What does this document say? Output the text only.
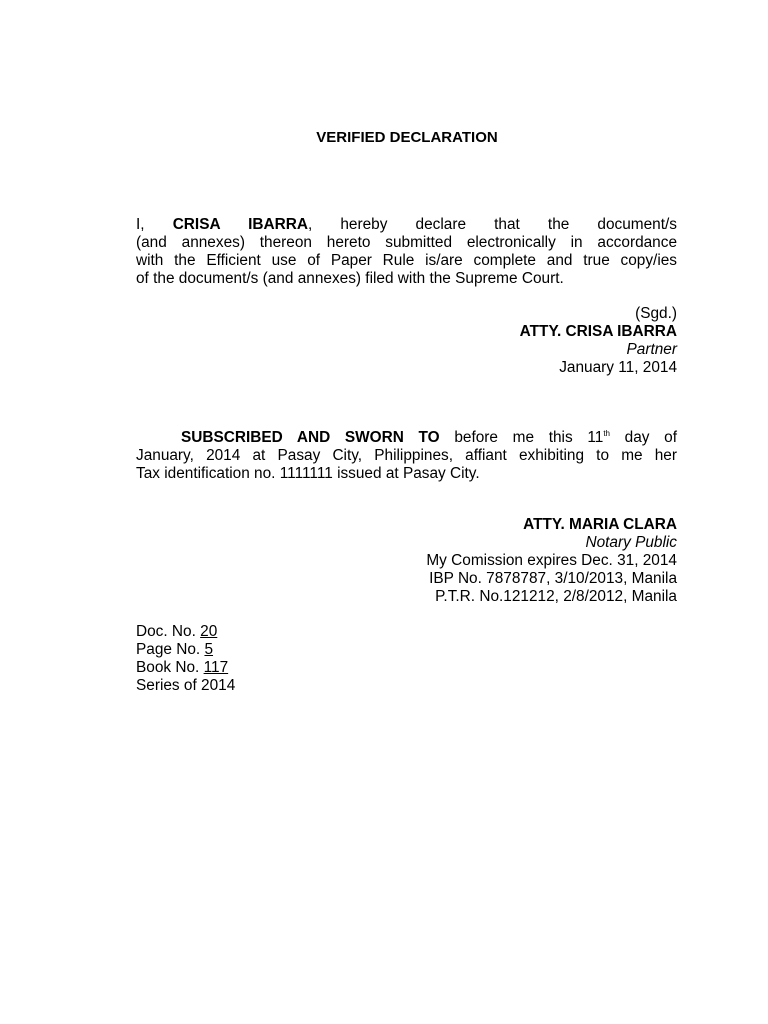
VERIFIED DECLARATION
I, CRISA IBARRA, hereby declare that the document/s
(and annexes) thereon hereto submitted electronically in accordance
with the Efficient use of Paper Rule is/are complete and true copy/ies
of the document/s (and annexes) filed with the Supreme Court.
(Sgd.)
ATTY. CRISA IBARRA
Partner
January 11, 2014
SUBSCRIBED AND SWORN TO before me this 11th day of
January, 2014 at Pasay City, Philippines, affiant exhibiting to me her
Tax identification no. 1111111 issued at Pasay City.
ATTY. MARIA CLARA
Notary Public
My Comission expires Dec. 31, 2014
IBP No. 7878787, 3/10/2013, Manila
P.T.R. No.121212, 2/8/2012, Manila
Doc. No. 20
Page No. 5
Book No. 117
Series of 2014
